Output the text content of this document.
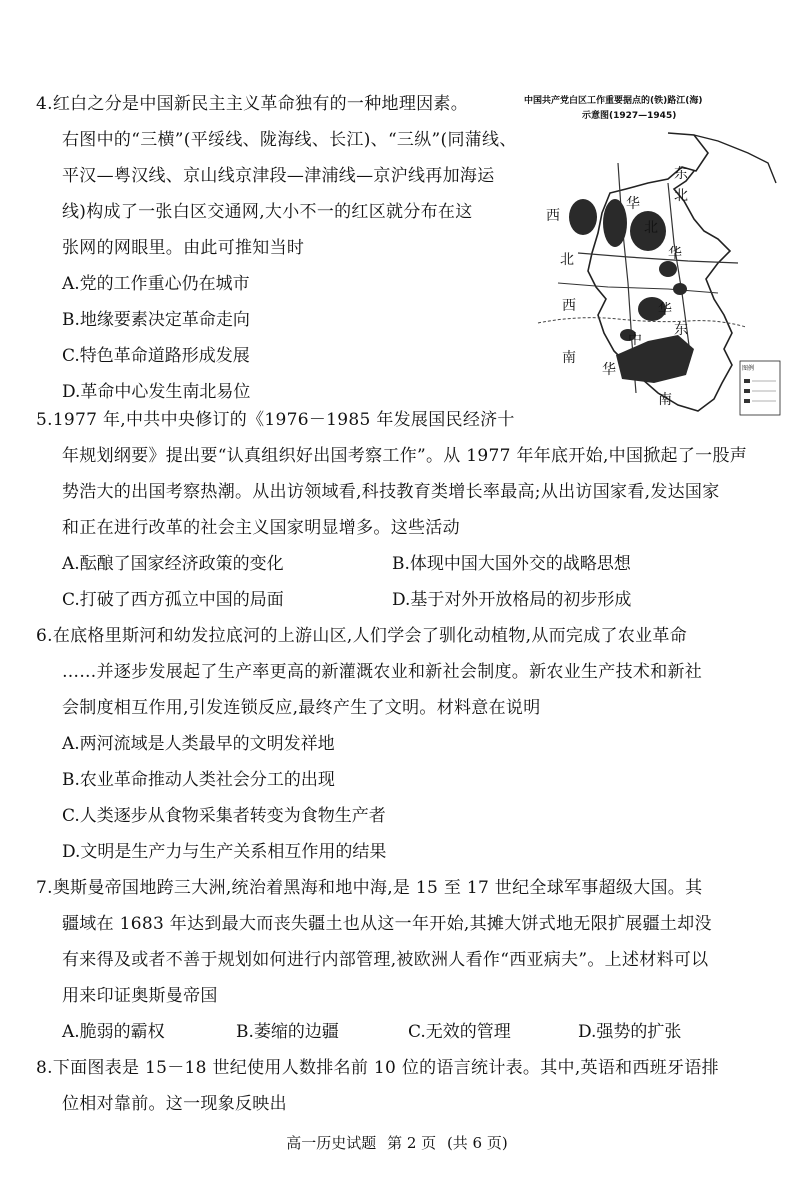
4.红白之分是中国新民主主义革命独有的一种地理因素。
右图中的“三横”(平绥线、陇海线、长江)、“三纵”(同蒲线、
平汉—粤汉线、京山线京津段—津浦线—京沪线再加海运
线)构成了一张白区交通网,大小不一的红区就分布在这
张网的网眼里。由此可推知当时
A.党的工作重心仍在城市
B.地缘要素决定革命走向
C.特色革命道路形成发展
D.革命中心发生南北易位
中国共产党白区工作重要据点的(铁)路江(海)
示意图(1927—1945)
图例
东
北
华
西
北
华
北
西	华
东
南
中
华
南
5.1977 年,中共中央修订的《1976－1985 年发展国民经济十
年规划纲要》提出要“认真组织好出国考察工作”。从 1977 年年底开始,中国掀起了一股声
势浩大的出国考察热潮。从出访领域看,科技教育类增长率最高;从出访国家看,发达国家
和正在进行改革的社会主义国家明显增多。这些活动
A.酝酿了国家经济政策的变化	B.体现中国大国外交的战略思想
C.打破了西方孤立中国的局面	D.基于对外开放格局的初步形成
6.在底格里斯河和幼发拉底河的上游山区,人们学会了驯化动植物,从而完成了农业革命
……并逐步发展起了生产率更高的新灌溉农业和新社会制度。新农业生产技术和新社
会制度相互作用,引发连锁反应,最终产生了文明。材料意在说明
A.两河流域是人类最早的文明发祥地
B.农业革命推动人类社会分工的出现
C.人类逐步从食物采集者转变为食物生产者
D.文明是生产力与生产关系相互作用的结果
7.奥斯曼帝国地跨三大洲,统治着黑海和地中海,是 15 至 17 世纪全球军事超级大国。其
疆域在 1683 年达到最大而丧失疆土也从这一年开始,其摊大饼式地无限扩展疆土却没
有来得及或者不善于规划如何进行内部管理,被欧洲人看作“西亚病夫”。上述材料可以
用来印证奥斯曼帝国
A.脆弱的霸权	B.萎缩的边疆	C.无效的管理	D.强势的扩张
8.下面图表是 15－18 世纪使用人数排名前 10 位的语言统计表。其中,英语和西班牙语排
位相对靠前。这一现象反映出
高一历史试题 第 2 页 (共 6 页)
